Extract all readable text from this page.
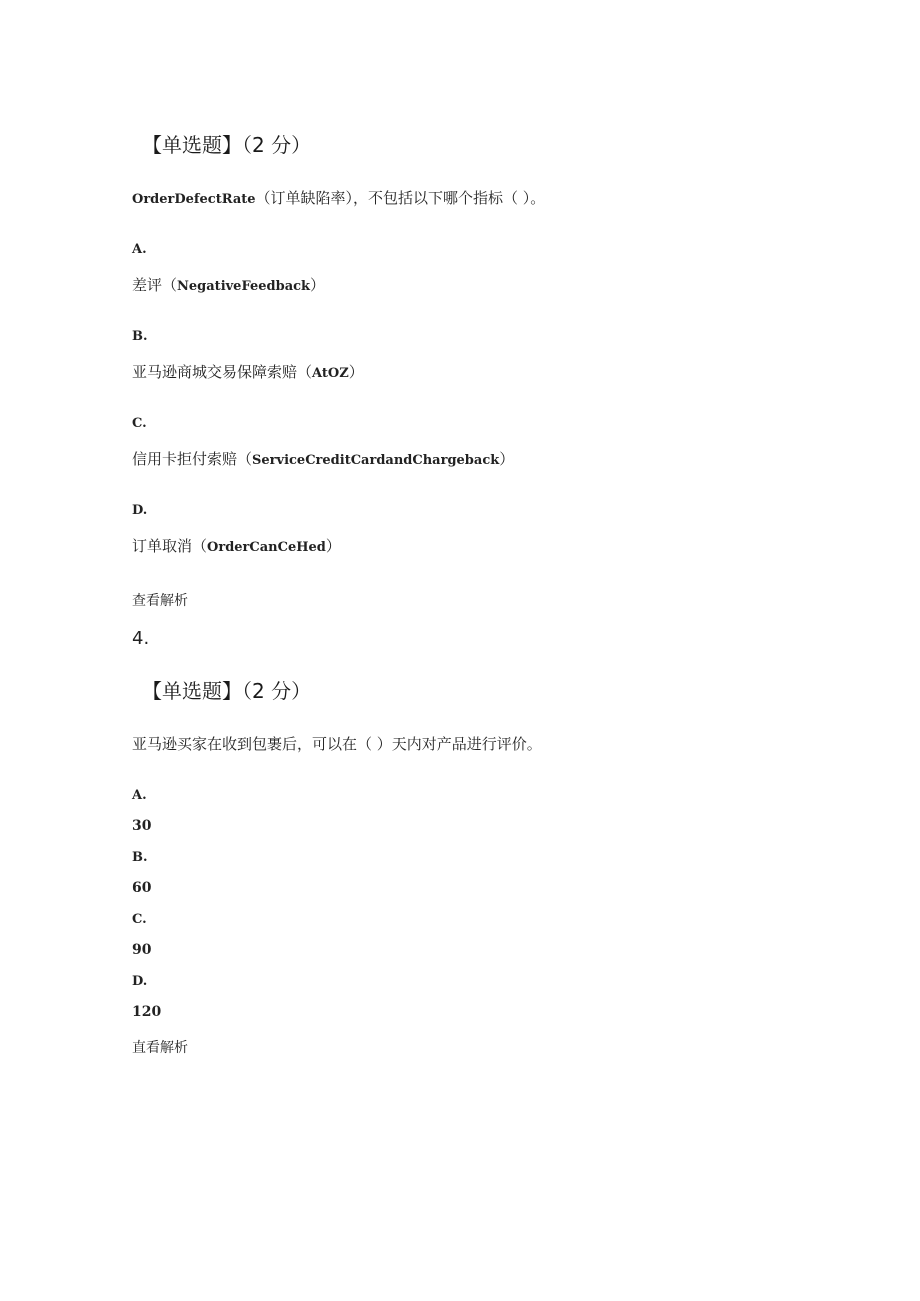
【单选题】（2 分）
OrderDefectRate（订单缺陷率），不包括以下哪个指标（ ）。
A.
差评（NegativeFeedback）
B.
亚马逊商城交易保障索赔（AtOZ）
C.
信用卡拒付索赔（ServiceCreditCardandChargeback）
D.
订单取消（OrderCanCeHed）
查看解析
4.
【单选题】（2 分）
亚马逊买家在收到包裹后，可以在（ ）天内对产品进行评价。
A.
30
B.
60
C.
90
D.
120
直看解析
